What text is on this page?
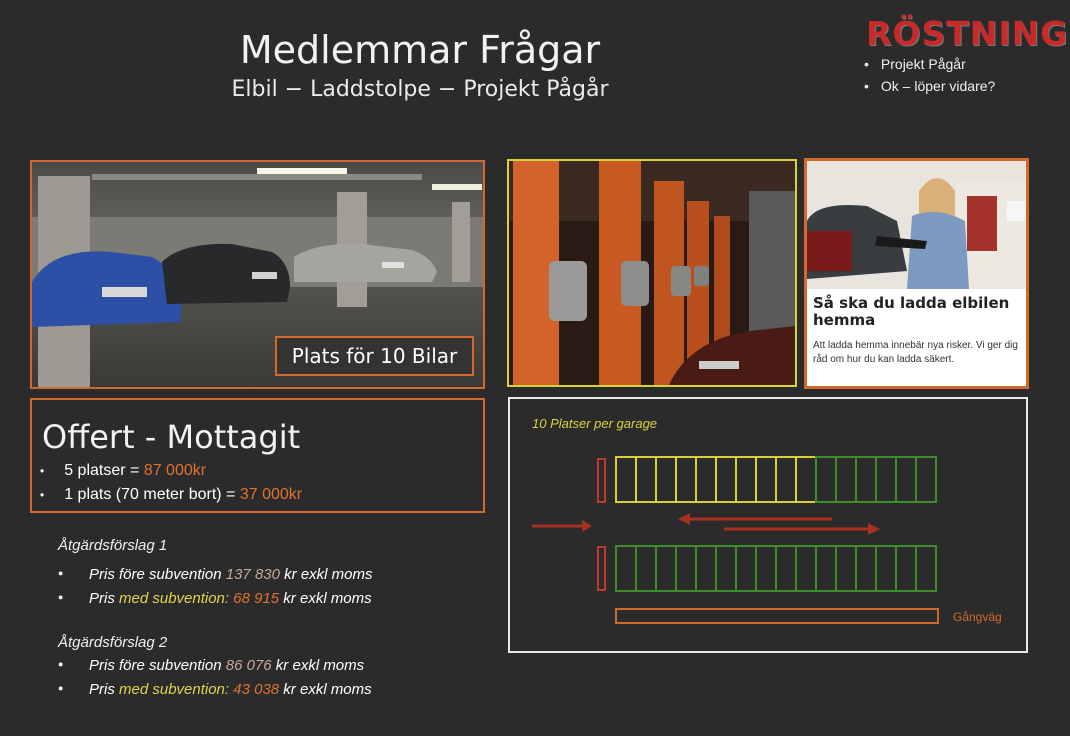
Medlemmar Frågar
Elbil − Laddstolpe − Projekt Pågår
RÖSTNING
• Projekt Pågår
• Ok – löper vidare?
Plats för 10 Bilar
Så ska du ladda elbilen hemma
Att ladda hemma innebär nya risker. Vi ger dig råd om hur du kan ladda säkert.
Offert - Mottagit
• 5 platser = 87 000kr
• 1 plats (70 meter bort) = 37 000kr
Åtgärdsförslag 1
● Pris före subvention 137 830 kr exkl moms
● Pris med subvention: 68 915 kr exkl moms
Åtgärdsförslag 2
● Pris före subvention 86 076 kr exkl moms
● Pris med subvention: 43 038 kr exkl moms
10 Platser per garage
Gångväg
